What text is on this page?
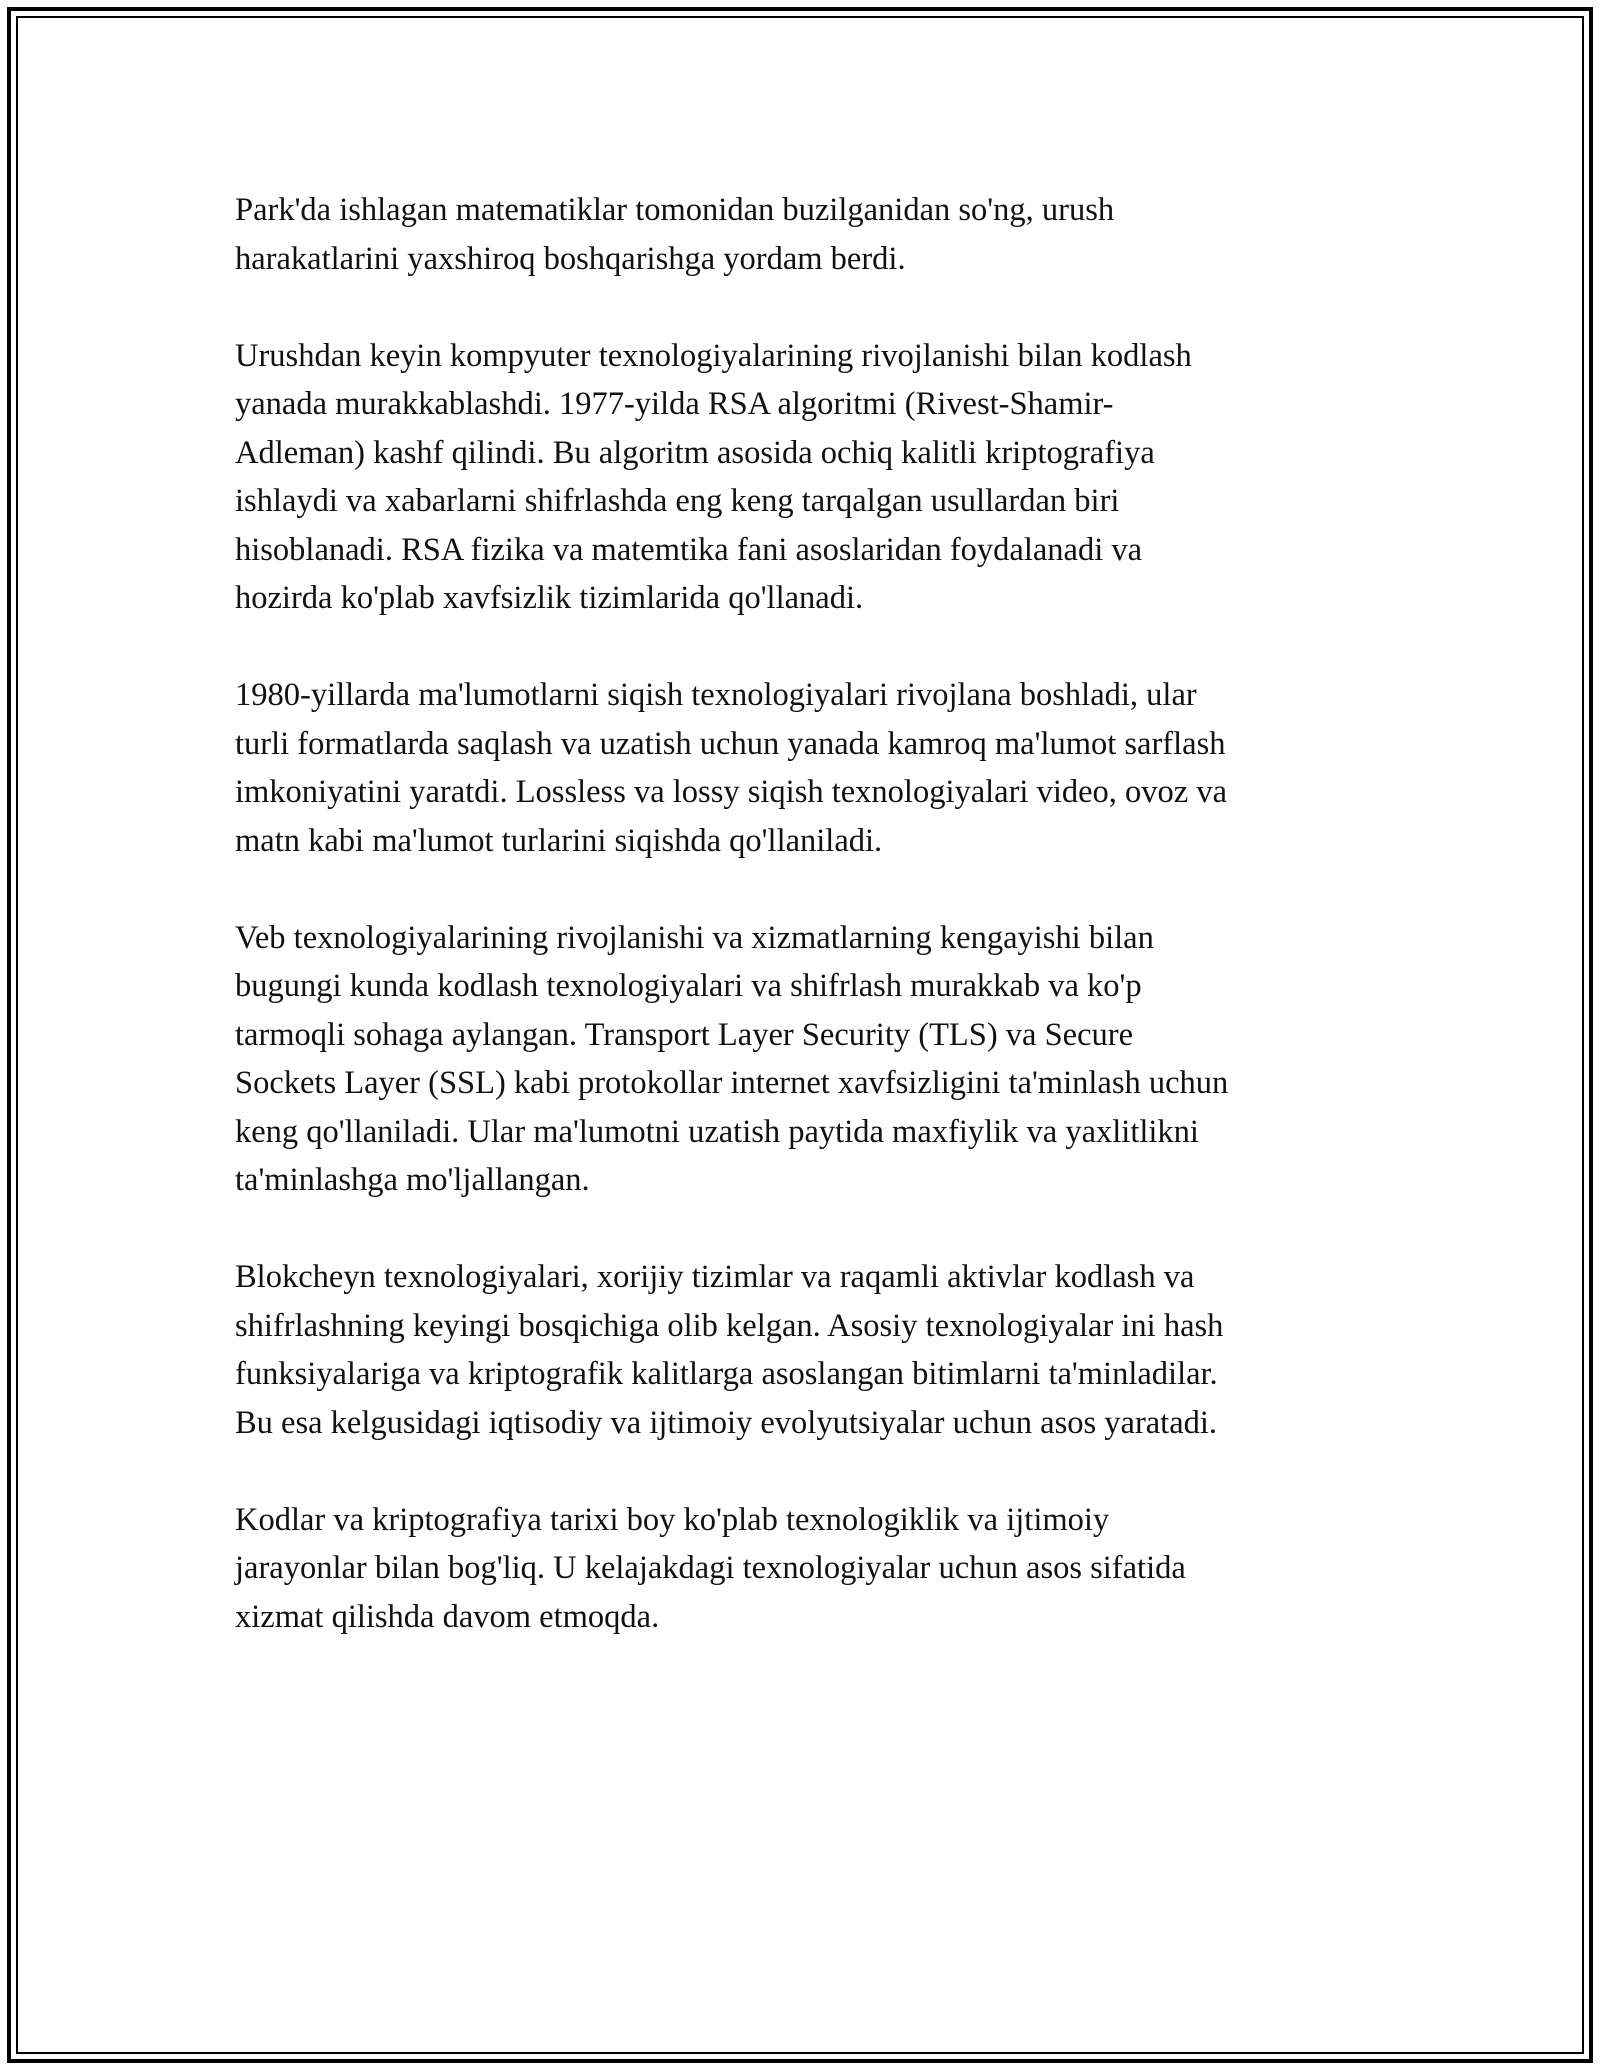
Park'da ishlagan matematiklar tomonidan buzilganidan so'ng, urush
harakatlarini yaxshiroq boshqarishga yordam berdi.

Urushdan keyin kompyuter texnologiyalarining rivojlanishi bilan kodlash
yanada murakkablashdi. 1977-yilda RSA algoritmi (Rivest-Shamir-
Adleman) kashf qilindi. Bu algoritm asosida ochiq kalitli kriptografiya
ishlaydi va xabarlarni shifrlashda eng keng tarqalgan usullardan biri
hisoblanadi. RSA fizika va matemtika fani asoslaridan foydalanadi va
hozirda ko'plab xavfsizlik tizimlarida qo'llanadi.

1980-yillarda ma'lumotlarni siqish texnologiyalari rivojlana boshladi, ular
turli formatlarda saqlash va uzatish uchun yanada kamroq ma'lumot sarflash
imkoniyatini yaratdi. Lossless va lossy siqish texnologiyalari video, ovoz va
matn kabi ma'lumot turlarini siqishda qo'llaniladi.

Veb texnologiyalarining rivojlanishi va xizmatlarning kengayishi bilan
bugungi kunda kodlash texnologiyalari va shifrlash murakkab va ko'p
tarmoqli sohaga aylangan. Transport Layer Security (TLS) va Secure
Sockets Layer (SSL) kabi protokollar internet xavfsizligini ta'minlash uchun
keng qo'llaniladi. Ular ma'lumotni uzatish paytida maxfiylik va yaxlitlikni
ta'minlashga mo'ljallangan.

Blokcheyn texnologiyalari, xorijiy tizimlar va raqamli aktivlar kodlash va
shifrlashning keyingi bosqichiga olib kelgan. Asosiy texnologiyalar ini hash
funksiyalariga va kriptografik kalitlarga asoslangan bitimlarni ta'minladilar.
Bu esa kelgusidagi iqtisodiy va ijtimoiy evolyutsiyalar uchun asos yaratadi.

Kodlar va kriptografiya tarixi boy ko'plab texnologiklik va ijtimoiy
jarayonlar bilan bog'liq. U kelajakdagi texnologiyalar uchun asos sifatida
xizmat qilishda davom etmoqda.
